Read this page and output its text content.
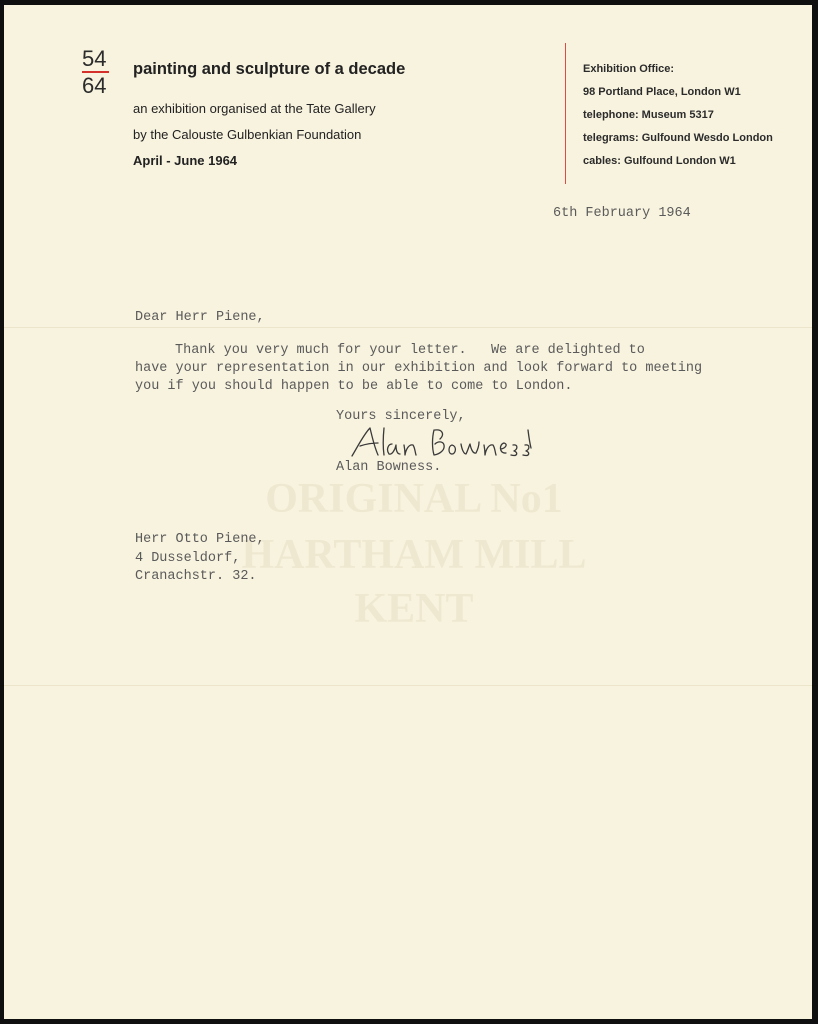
ORIGINAL No1
HARTHAM MILL
KENT
54
64
painting and sculpture of a decade
an exhibition organised at the Tate Gallery
by the Calouste Gulbenkian Foundation
April - June 1964
Exhibition Office:
98 Portland Place, London W1
telephone: Museum 5317
telegrams: Gulfound Wesdo London
cables: Gulfound London W1
6th February 1964
Dear Herr Piene,
Thank you very much for your letter.   We are delighted to
have your representation in our exhibition and look forward to meeting
you if you should happen to be able to come to London.
Yours sincerely,
Alan Bowness.
Herr Otto Piene,
4 Dusseldorf,
Cranachstr. 32.
